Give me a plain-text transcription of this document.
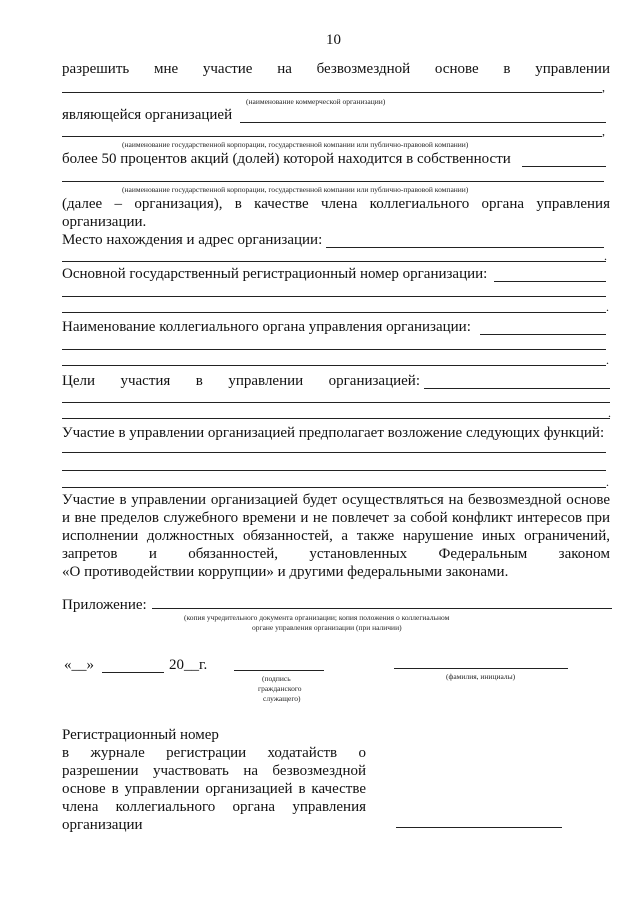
10
разрешить мне участие на безвозмездной основе в управлении
,
(наименование коммерческой организации)
являющейся организацией
,
(наименование государственной корпорации, государственной компании или публично-правовой компании)
более 50 процентов акций (долей) которой находится в собственности
(наименование государственной корпорации, государственной компании или публично-правовой компании)
(далее – организация), в качестве члена коллегиального органа управления
организации.
Место нахождения и адрес организации:
.
Основной государственный регистрационный номер организации:
.
Наименование коллегиального органа управления организации:
.
Цели участия в управлении организацией:
.
Участие в управлении организацией предполагает возложение следующих функций:
.
Участие в управлении организацией будет осуществляться на безвозмездной основе
и вне пределов служебного времени и не повлечет за собой конфликт интересов при
исполнении должностных обязанностей, а также нарушение иных ограничений,
запретов и обязанностей, установленных Федеральным законом
«О противодействии коррупции» и другими федеральными законами.
Приложение:
(копия учредительного документа организации; копия положения о коллегиальном
органе управления организации (при наличии)
«__»	20__г.
(подпись
гражданского
служащего)
(фамилия, инициалы)
Регистрационный номер
в журнале регистрации ходатайств о
разрешении участвовать на безвозмездной
основе в управлении организацией в качестве
члена коллегиального органа управления
организации
